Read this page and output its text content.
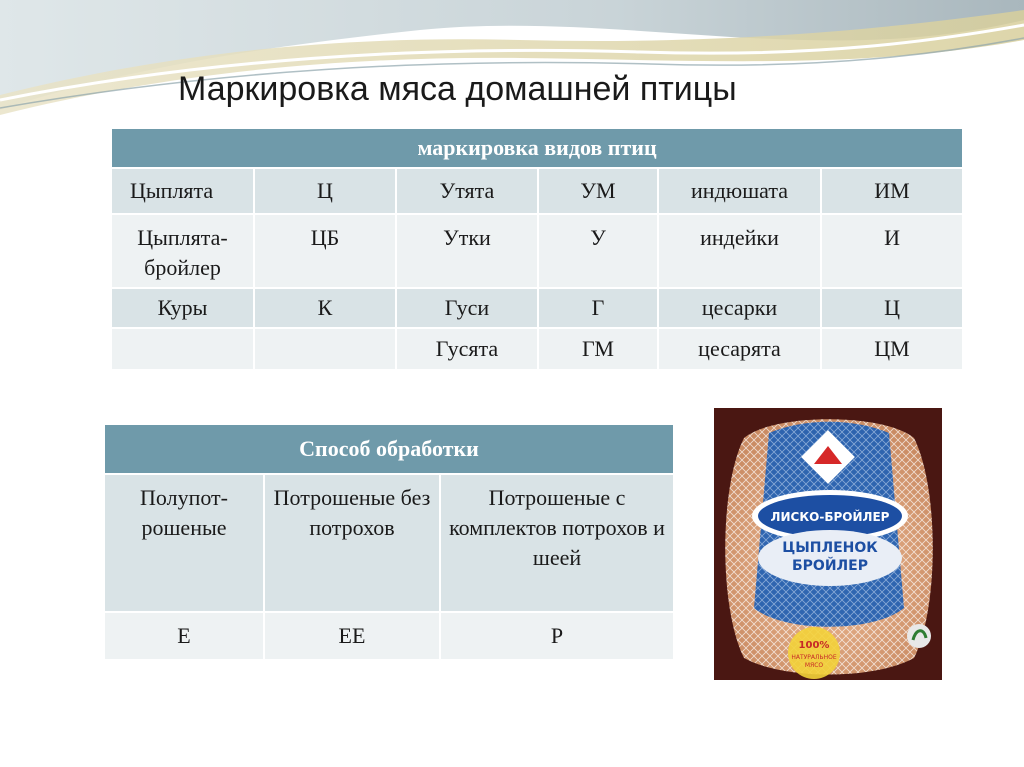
Маркировка мяса домашней птицы
маркировка видов птиц					
Цыплята	Ц	Утята	УМ	индюшата	ИМ
Цыплята-бройлер	ЦБ	Утки	У	индейки	И
Куры	К	Гуси	Г	цесарки	Ц
		Гусята	ГМ	цесарята	ЦМ
Способ обработки		
Полупот-рошеные	Потрошеные без потрохов	Потрошеные с комплектов потрохов и шеей
Е	ЕЕ	Р
ЛИСКО-БРОЙЛЕР
ЦЫПЛЕНОК
БРОЙЛЕР
100%
НАТУРАЛЬНОЕ
МЯСО
